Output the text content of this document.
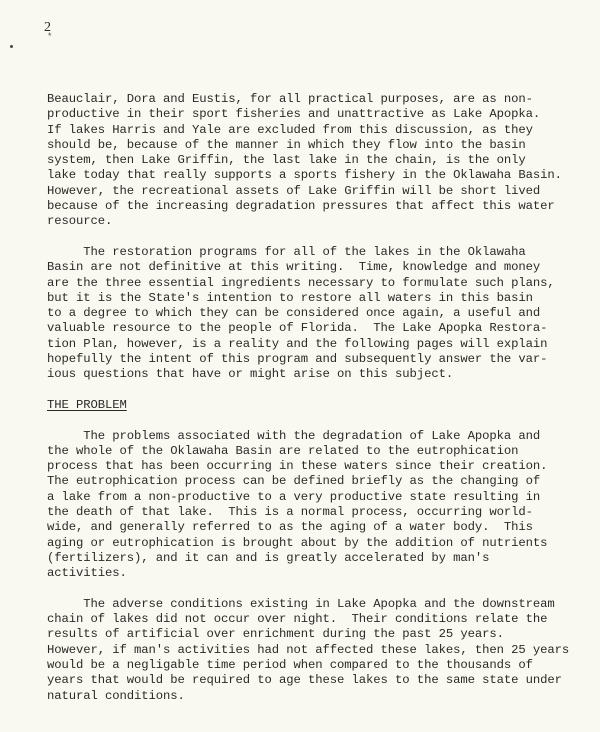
2
*
Beauclair, Dora and Eustis, for all practical purposes, are as non-
productive in their sport fisheries and unattractive as Lake Apopka.
If lakes Harris and Yale are excluded from this discussion, as they
should be, because of the manner in which they flow into the basin
system, then Lake Griffin, the last lake in the chain, is the only
lake today that really supports a sports fishery in the Oklawaha Basin.
However, the recreational assets of Lake Griffin will be short lived
because of the increasing degradation pressures that affect this water
resource.
The restoration programs for all of the lakes in the Oklawaha
Basin are not definitive at this writing.  Time, knowledge and money
are the three essential ingredients necessary to formulate such plans,
but it is the State's intention to restore all waters in this basin
to a degree to which they can be considered once again, a useful and
valuable resource to the people of Florida.  The Lake Apopka Restora-
tion Plan, however, is a reality and the following pages will explain
hopefully the intent of this program and subsequently answer the var-
ious questions that have or might arise on this subject.
THE PROBLEM
The problems associated with the degradation of Lake Apopka and
the whole of the Oklawaha Basin are related to the eutrophication
process that has been occurring in these waters since their creation.
The eutrophication process can be defined briefly as the changing of
a lake from a non-productive to a very productive state resulting in
the death of that lake.  This is a normal process, occurring world-
wide, and generally referred to as the aging of a water body.  This
aging or eutrophication is brought about by the addition of nutrients
(fertilizers), and it can and is greatly accelerated by man's
activities.
The adverse conditions existing in Lake Apopka and the downstream
chain of lakes did not occur over night.  Their conditions relate the
results of artificial over enrichment during the past 25 years.
However, if man's activities had not affected these lakes, then 25 years
would be a negligable time period when compared to the thousands of
years that would be required to age these lakes to the same state under
natural conditions.
